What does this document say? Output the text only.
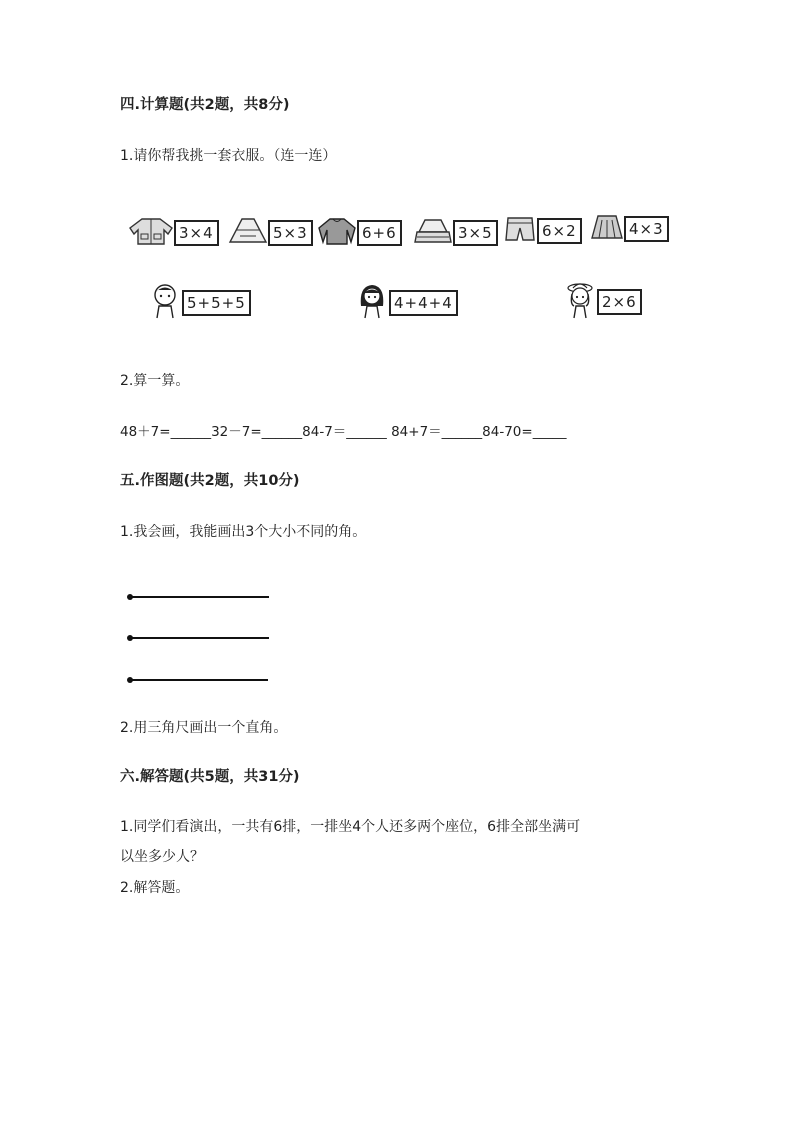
四.计算题(共2题，共8分)
1.请你帮我挑一套衣服。（连一连）
3×4	5×3	6+6	3×5	6×2	4×3
5+5+5	4+4+4	2×6
2.算一算。
48＋7=______32－7=______84-7＝______ 84+7＝______84-70=_____
五.作图题(共2题，共10分)
1.我会画，我能画出3个大小不同的角。
2.用三角尺画出一个直角。
六.解答题(共5题，共31分)
1.同学们看演出，一共有6排，一排坐4个人还多两个座位，6排全部坐满可
以坐多少人？
2.解答题。
